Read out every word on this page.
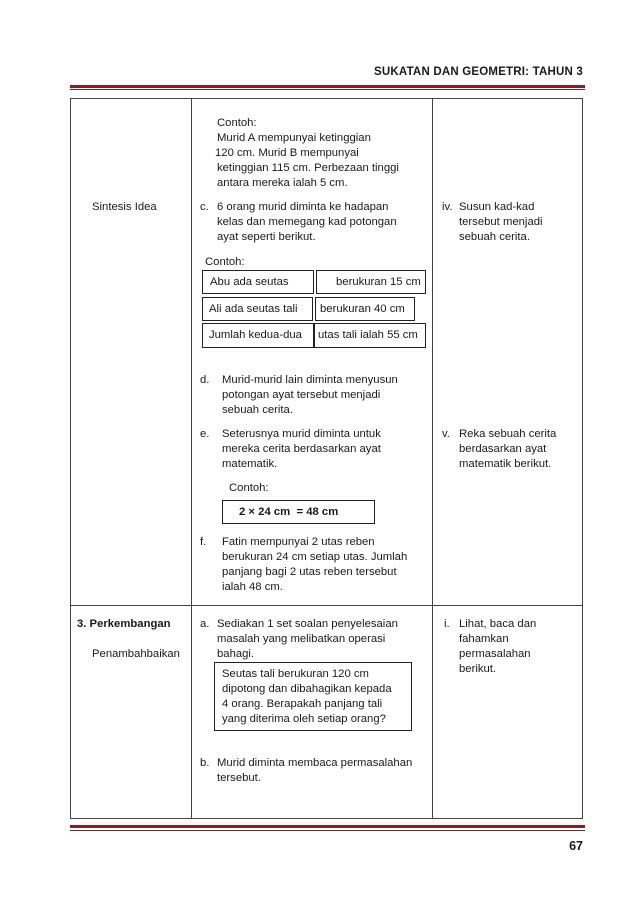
SUKATAN DAN GEOMETRI: TAHUN 3
Sintesis Idea
Contoh:
Murid A mempunyai ketinggian
120 cm. Murid B mempunyai
ketinggian 115 cm. Perbezaan tinggi
antara mereka ialah 5 cm.
c. 6 orang murid diminta ke hadapan
kelas dan memegang kad potongan
ayat seperti berikut.
Contoh:
Abu ada seutas	berukuran 15 cm
Ali ada seutas tali berukuran 40 cm
Jumlah kedua-dua utas tali ialah 55 cm
d. Murid-murid lain diminta menyusun
potongan ayat tersebut menjadi
sebuah cerita.
e. Seterusnya murid diminta untuk
mereka cerita berdasarkan ayat
matematik.
Contoh:
2 × 24 cm  = 48 cm
f. Fatin mempunyai 2 utas reben
berukuran 24 cm setiap utas. Jumlah
panjang bagi 2 utas reben tersebut
ialah 48 cm.
iv. Susun kad-kad
tersebut menjadi
sebuah cerita.
v. Reka sebuah cerita
berdasarkan ayat
matematik berikut.
3. Perkembangan
Penambahbaikan
a. Sediakan 1 set soalan penyelesaian
masalah yang melibatkan operasi
bahagi.
Seutas tali berukuran 120 cm
dipotong dan dibahagikan kepada
4 orang. Berapakah panjang tali
yang diterima oleh setiap orang?
b. Murid diminta membaca permasalahan
tersebut.
i. Lihat, baca dan
fahamkan
permasalahan
berikut.
67
